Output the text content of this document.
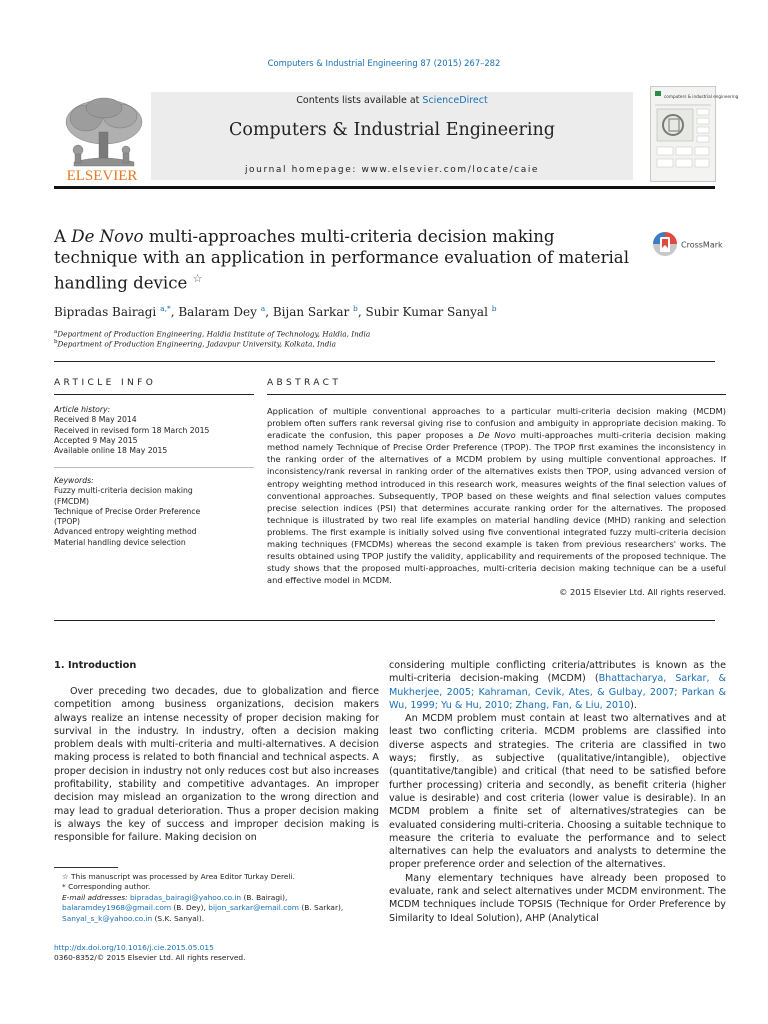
Computers & Industrial Engineering 87 (2015) 267–282
ELSEVIER
Contents lists available at ScienceDirect
Computers & Industrial Engineering
journal homepage: www.elsevier.com/locate/caie
computers & industrial engineering
A De Novo multi-approaches multi-criteria decision making technique with an application in performance evaluation of material handling device ☆
CrossMark
Bipradas Bairagi $^{a,*}$, Balaram Dey $^a$, Bijan Sarkar $^b$, Subir Kumar Sanyal $^b$
$^a$Department of Production Engineering, Haldia Institute of Technology, Haldia, India
$^b$Department of Production Engineering, Jadavpur University, Kolkata, India
ARTICLE INFO
Article history:
Received 8 May 2014
Received in revised form 18 March 2015
Accepted 9 May 2015
Available online 18 May 2015
Keywords:
Fuzzy multi-criteria decision making
(FMCDM)
Technique of Precise Order Preference
(TPOP)
Advanced entropy weighting method
Material handling device selection
ABSTRACT
Application of multiple conventional approaches to a particular multi-criteria decision making (MCDM) problem often suffers rank reversal giving rise to confusion and ambiguity in appropriate decision making. To eradicate the confusion, this paper proposes a De Novo multi-approaches multi-criteria decision making method namely Technique of Precise Order Preference (TPOP). The TPOP first examines the inconsistency in the ranking order of the alternatives of a MCDM problem by using multiple conventional approaches. If inconsistency/rank reversal in ranking order of the alternatives exists then TPOP, using advanced version of entropy weighting method introduced in this research work, measures weights of the final selection values of conventional approaches. Subsequently, TPOP based on these weights and final selection values computes precise selection indices (PSI) that determines accurate ranking order for the alternatives. The proposed technique is illustrated by two real life examples on material handling device (MHD) ranking and selection problems. The first example is initially solved using five conventional integrated fuzzy multi-criteria decision making techniques (FMCDMs) whereas the second example is taken from previous researchers' works. The results obtained using TPOP justify the validity, applicability and requirements of the proposed technique. The study shows that the proposed multi-approaches, multi-criteria decision making technique can be a useful and effective model in MCDM.
© 2015 Elsevier Ltd. All rights reserved.
1. Introduction

Over preceding two decades, due to globalization and fierce competition among business organizations, decision makers always realize an intense necessity of proper decision making for survival in the industry. In industry, often a decision making problem deals with multi-criteria and multi-alternatives. A decision making process is related to both financial and technical aspects. A proper decision in industry not only reduces cost but also increases profitability, stability and competitive advantages. An improper decision may mislead an organization to the wrong direction and may lead to gradual deterioration. Thus a proper decision making is always the key of success and improper decision making is responsible for failure. Making decision on

considering multiple conflicting criteria/attributes is known as the multi-criteria decision-making (MCDM) (Bhattacharya, Sarkar, & Mukherjee, 2005; Kahraman, Cevik, Ates, & Gulbay, 2007; Parkan & Wu, 1999; Yu & Hu, 2010; Zhang, Fan, & Liu, 2010).

An MCDM problem must contain at least two alternatives and at least two conflicting criteria. MCDM problems are classified into diverse aspects and strategies. The criteria are classified in two ways; firstly, as subjective (qualitative/intangible), objective (quantitative/tangible) and critical (that need to be satisfied before further processing) criteria and secondly, as benefit criteria (higher value is desirable) and cost criteria (lower value is desirable). In an MCDM problem a finite set of alternatives/strategies can be evaluated considering multi-criteria. Choosing a suitable technique to measure the criteria to evaluate the performance and to select alternatives can help the evaluators and analysts to determine the proper preference order and selection of the alternatives.

Many elementary techniques have already been proposed to evaluate, rank and select alternatives under MCDM environment. The MCDM techniques include TOPSIS (Technique for Order Preference by Similarity to Ideal Solution), AHP (Analytical

☆ This manuscript was processed by Area Editor Turkay Dereli.
* Corresponding author.
E-mail addresses: bipradas_bairagi@yahoo.co.in (B. Bairagi), balaramdey1968@gmail.com (B. Dey), bijon_sarkar@email.com (B. Sarkar), Sanyal_s_k@yahoo.co.in (S.K. Sanyal).
http://dx.doi.org/10.1016/j.cie.2015.05.015
0360-8352/© 2015 Elsevier Ltd. All rights reserved.
